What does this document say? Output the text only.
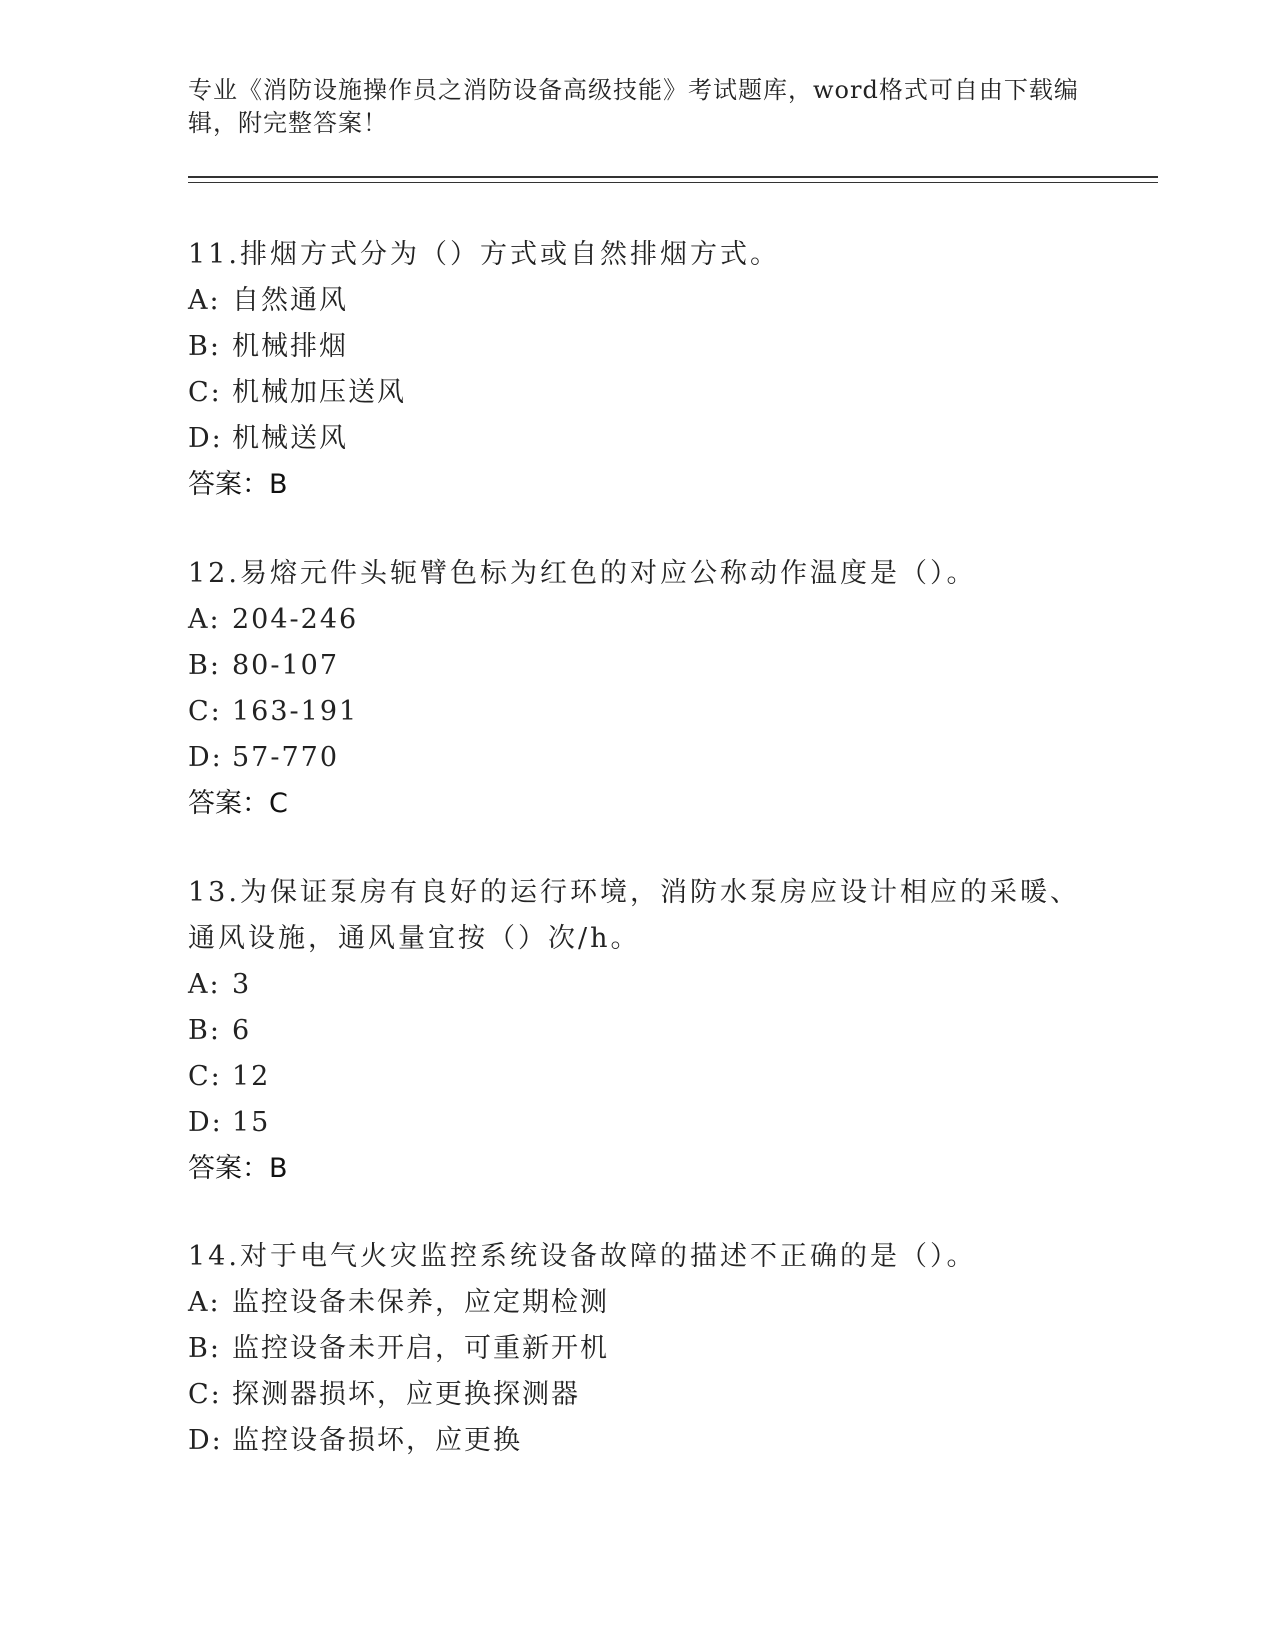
专业《消防设施操作员之消防设备高级技能》考试题库，word格式可自由下载编辑，附完整答案！
11.排烟方式分为（）方式或自然排烟方式。
A: 自然通风
B: 机械排烟
C: 机械加压送风
D: 机械送风
答案：B
12.易熔元件头轭臂色标为红色的对应公称动作温度是（）。
A: 204-246
B: 80-107
C: 163-191
D: 57-770
答案：C
13.为保证泵房有良好的运行环境，消防水泵房应设计相应的采暖、通风设施，通风量宜按（）次/h。
A: 3
B: 6
C: 12
D: 15
答案：B
14.对于电气火灾监控系统设备故障的描述不正确的是（）。
A: 监控设备未保养，应定期检测
B: 监控设备未开启，可重新开机
C: 探测器损坏，应更换探测器
D: 监控设备损坏，应更换
